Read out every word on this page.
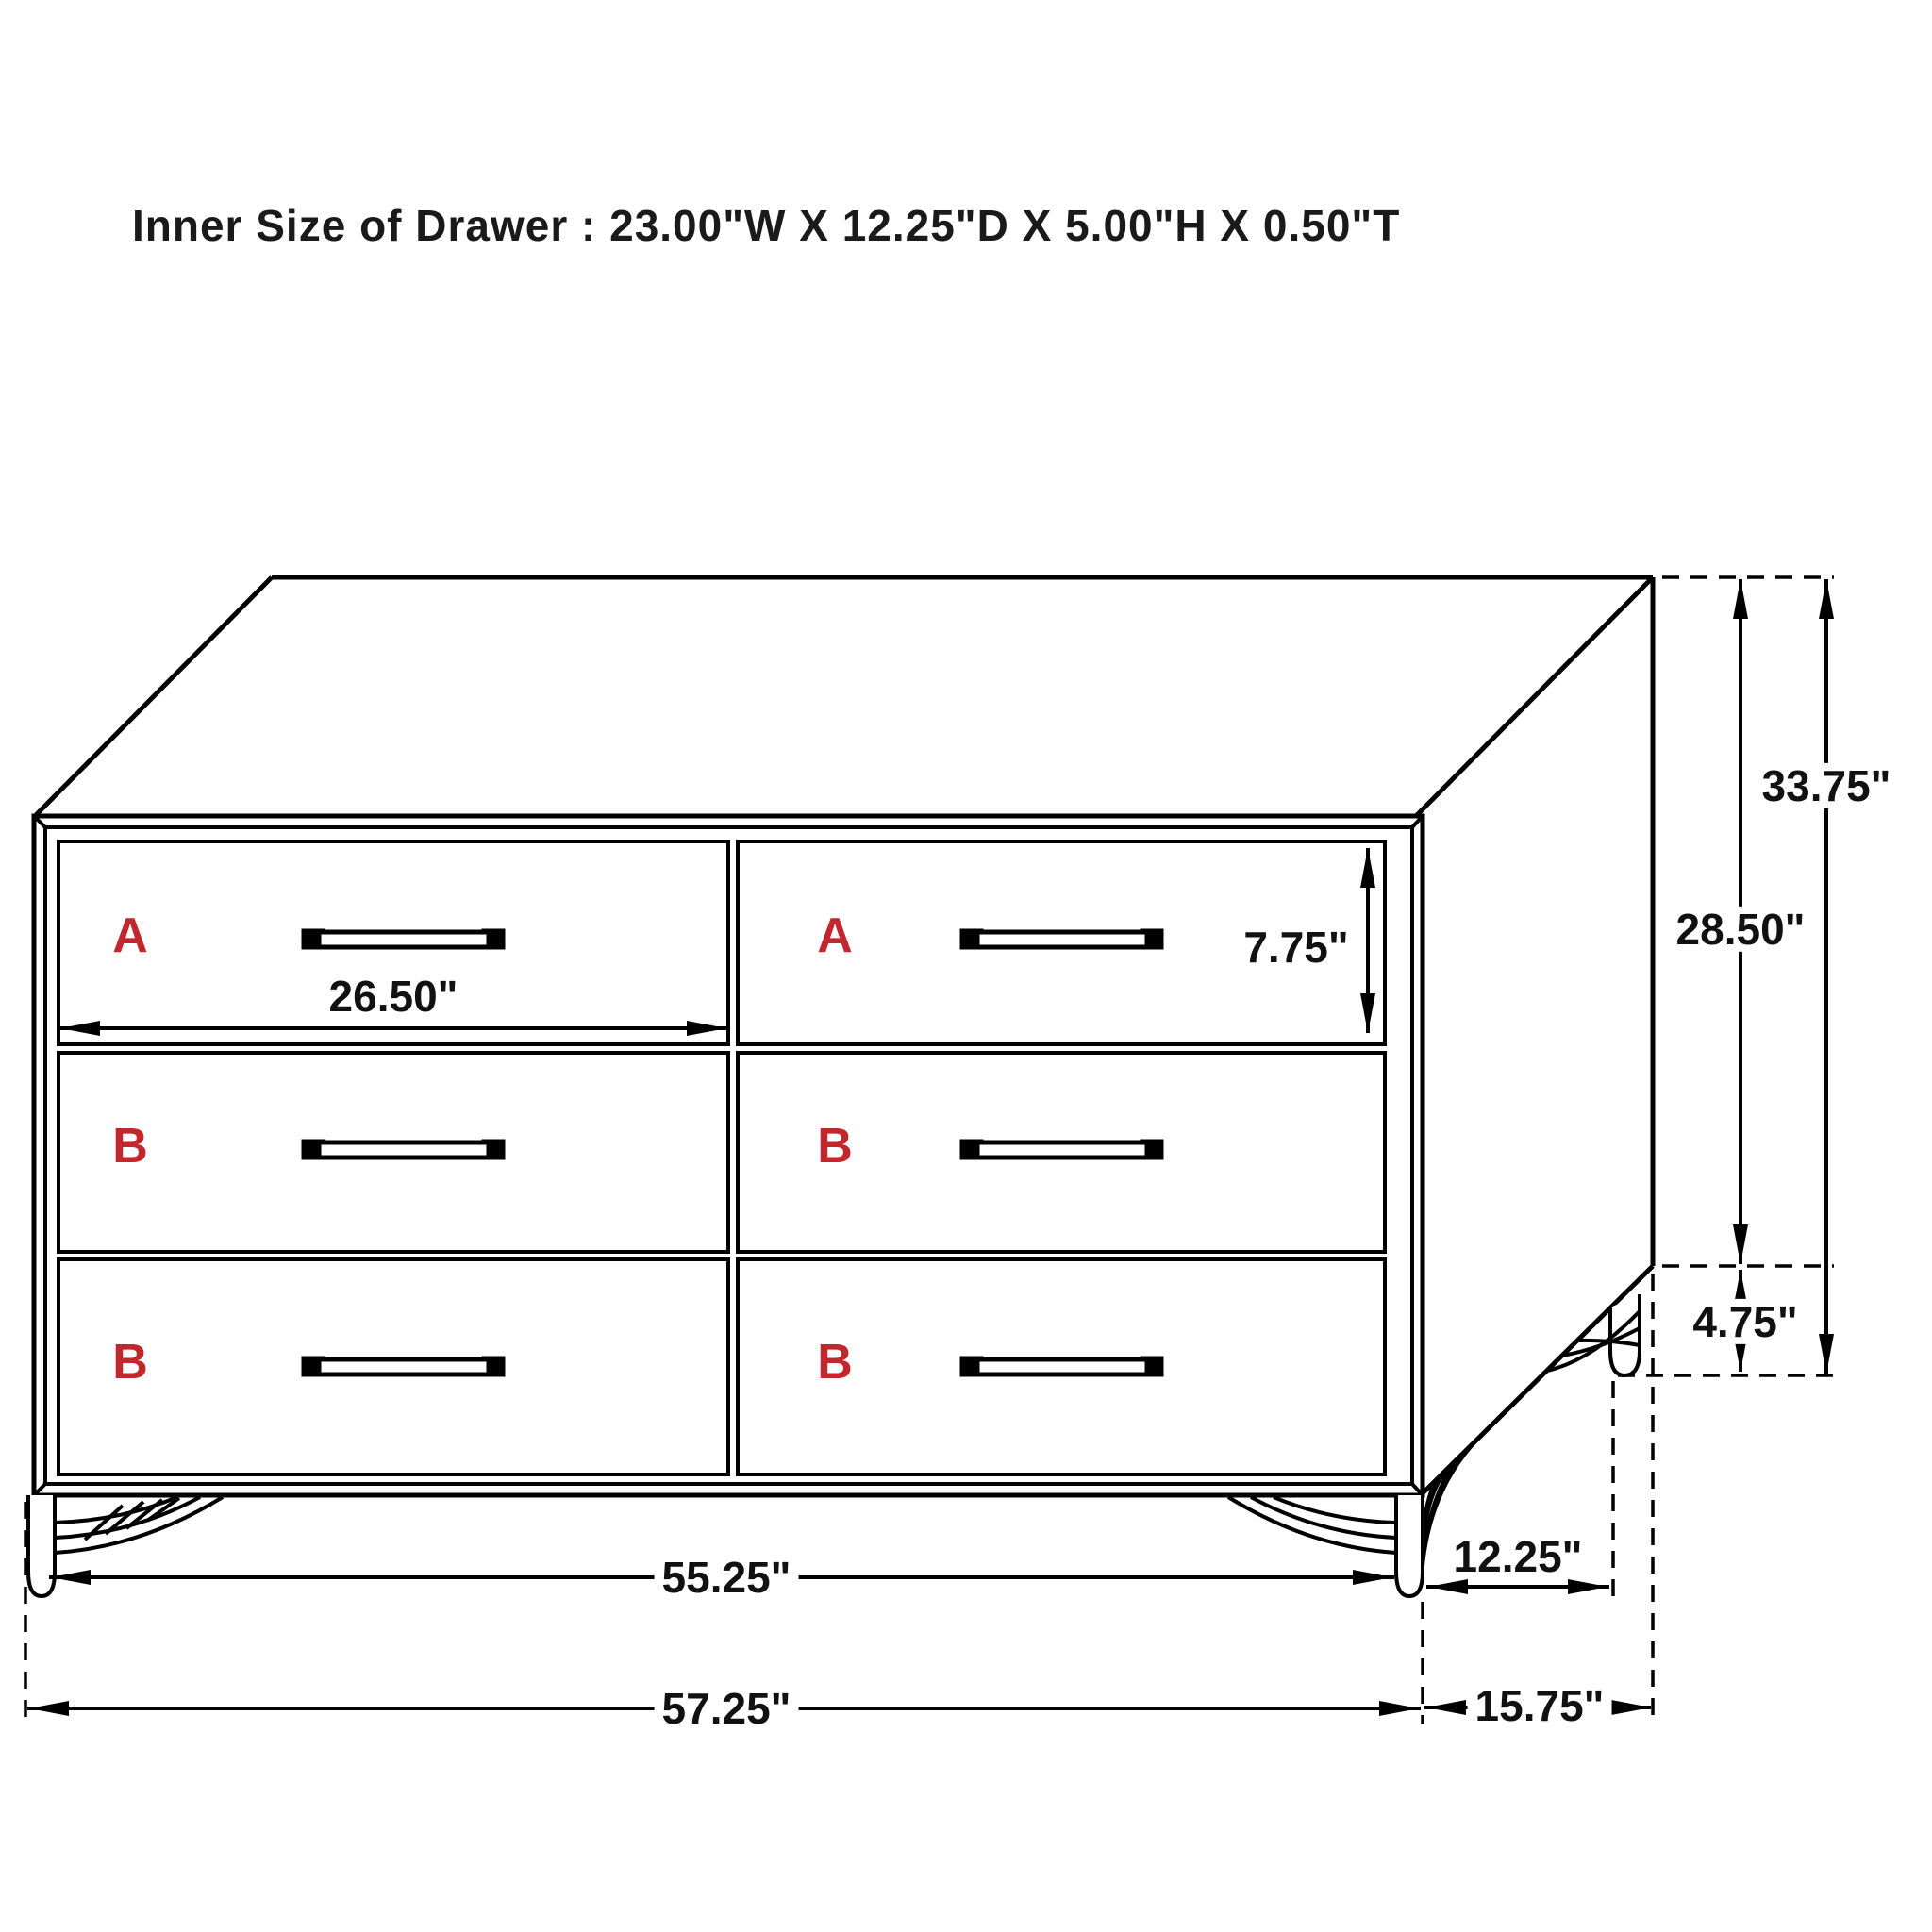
Inner Size of Drawer : 23.00"W X 12.25"D X 5.00"H X 0.50"T
A	A
B	B
B	B
26.50"
7.75"
33.75"
28.50"
4.75"
55.25"
57.25"
12.25"
15.75"
